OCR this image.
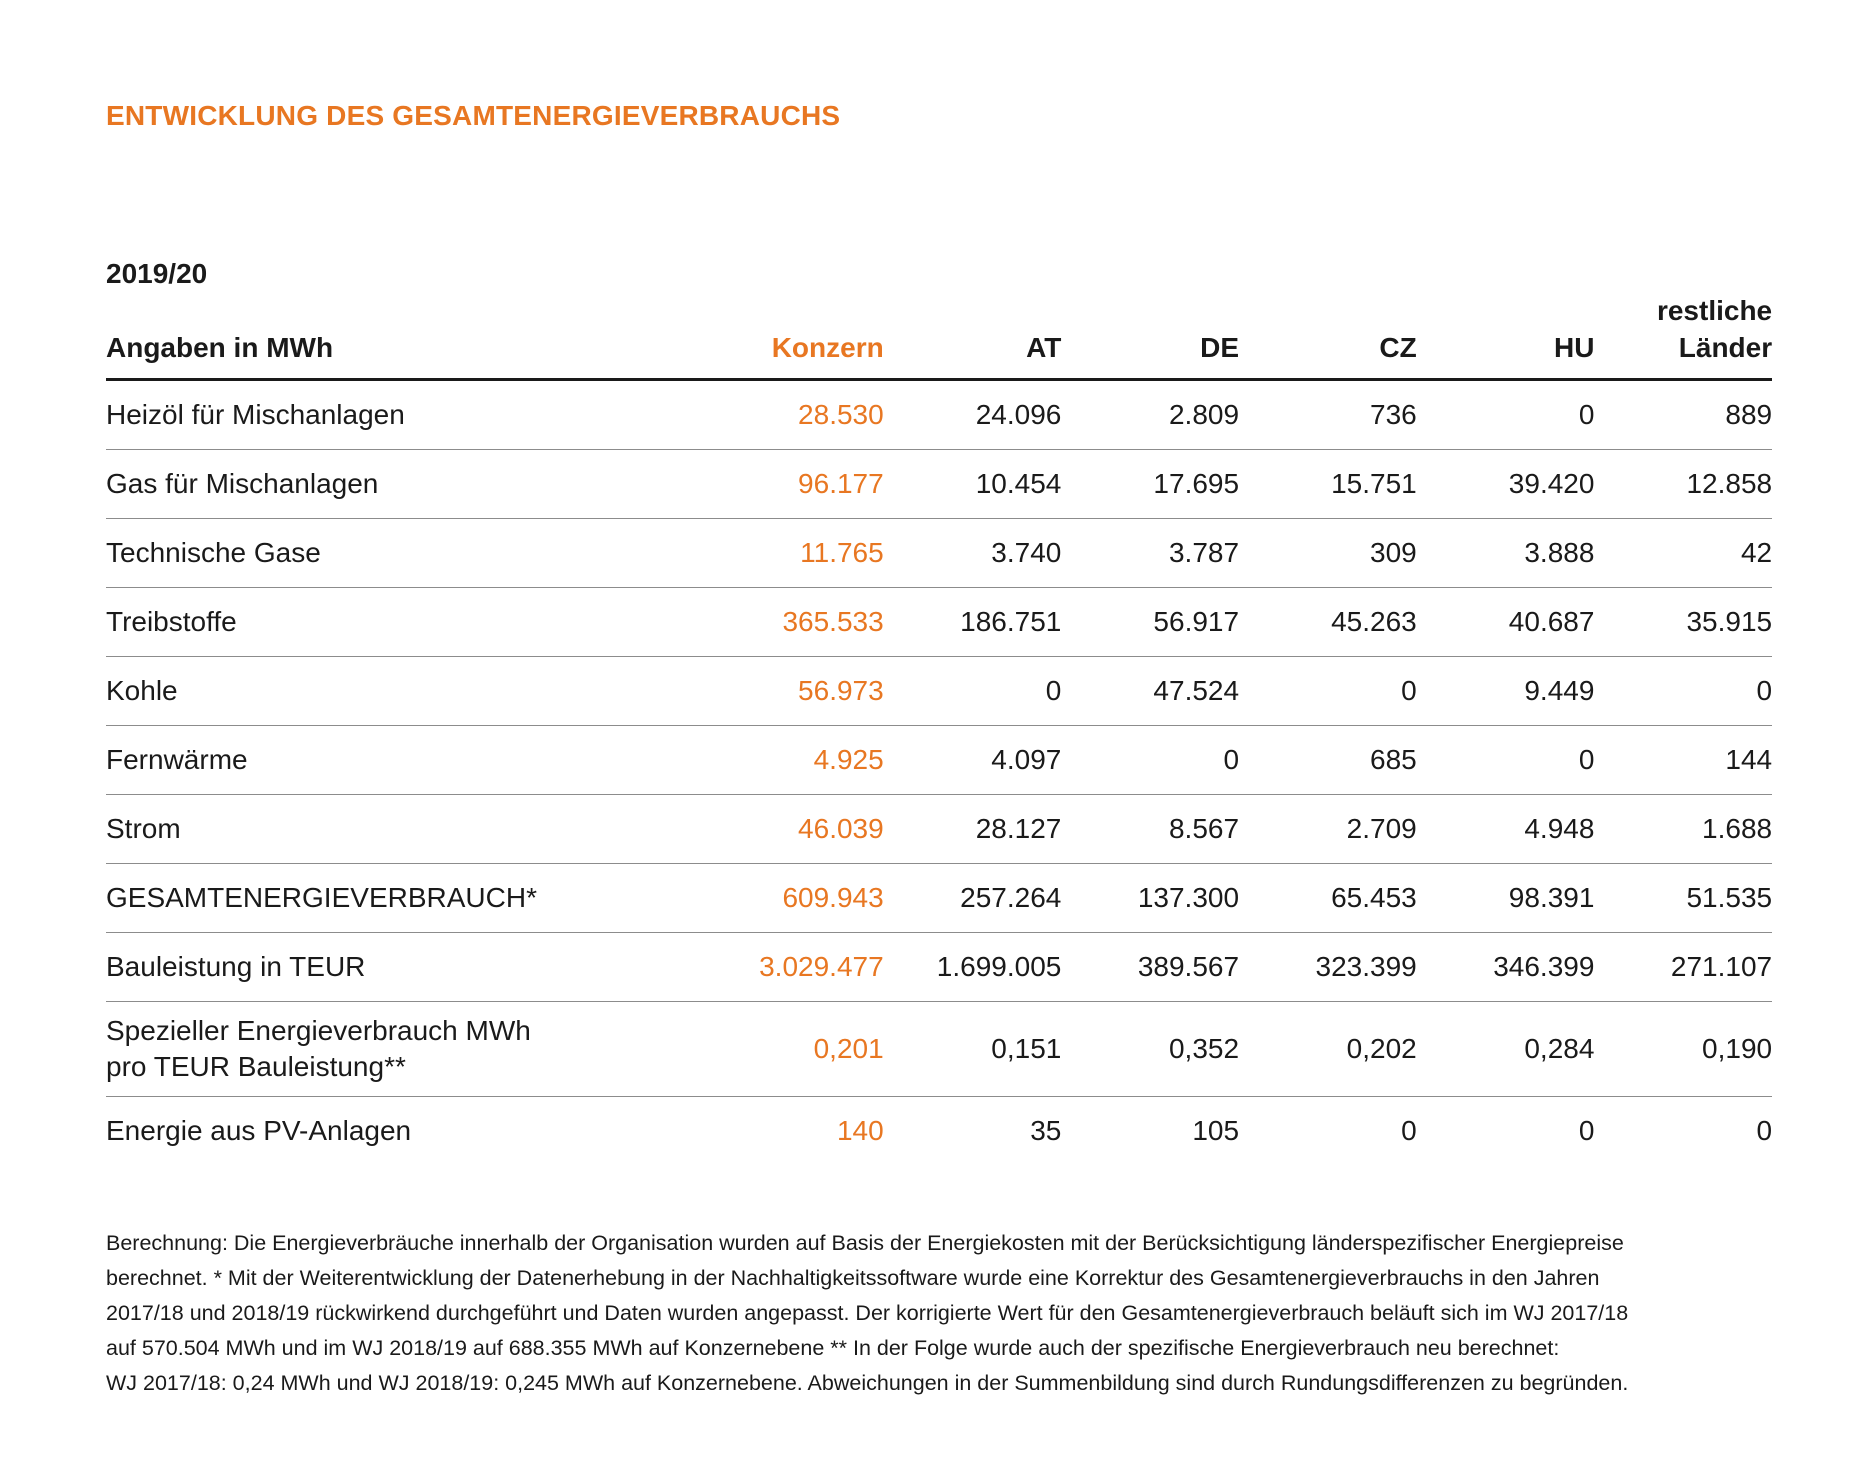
ENTWICKLUNG DES GESAMTENERGIEVERBRAUCHS
2019/20
Angaben in MWh	Konzern	AT	DE	CZ	HU	restliche
Länder
Heizöl für Mischanlagen	28.530	24.096	2.809	736	0	889
Gas für Mischanlagen	96.177	10.454	17.695	15.751	39.420	12.858
Technische Gase	11.765	3.740	3.787	309	3.888	42
Treibstoffe	365.533	186.751	56.917	45.263	40.687	35.915
Kohle	56.973	0	47.524	0	9.449	0
Fernwärme	4.925	4.097	0	685	0	144
Strom	46.039	28.127	8.567	2.709	4.948	1.688
GESAMTENERGIEVERBRAUCH*	609.943	257.264	137.300	65.453	98.391	51.535
Bauleistung in TEUR	3.029.477	1.699.005	389.567	323.399	346.399	271.107
Spezieller Energieverbrauch MWh
pro TEUR Bauleistung**	0,201	0,151	0,352	0,202	0,284	0,190
Energie aus PV-Anlagen	140	35	105	0	0	0
Berechnung: Die Energieverbräuche innerhalb der Organisation wurden auf Basis der Energiekosten mit der Berücksichtigung länderspezifischer Energiepreise
berechnet. * Mit der Weiterentwicklung der Datenerhebung in der Nachhaltigkeitssoftware wurde eine Korrektur des Gesamtenergieverbrauchs in den Jahren
2017/18 und 2018/19 rückwirkend durchgeführt und Daten wurden angepasst. Der korrigierte Wert für den Gesamtenergieverbrauch beläuft sich im WJ 2017/18
auf 570.504 MWh und im WJ 2018/19 auf 688.355 MWh auf Konzernebene ** In der Folge wurde auch der spezifische Energieverbrauch neu berechnet:
WJ 2017/18: 0,24 MWh und WJ 2018/19: 0,245 MWh auf Konzernebene. Abweichungen in der Summenbildung sind durch Rundungsdifferenzen zu begründen.
